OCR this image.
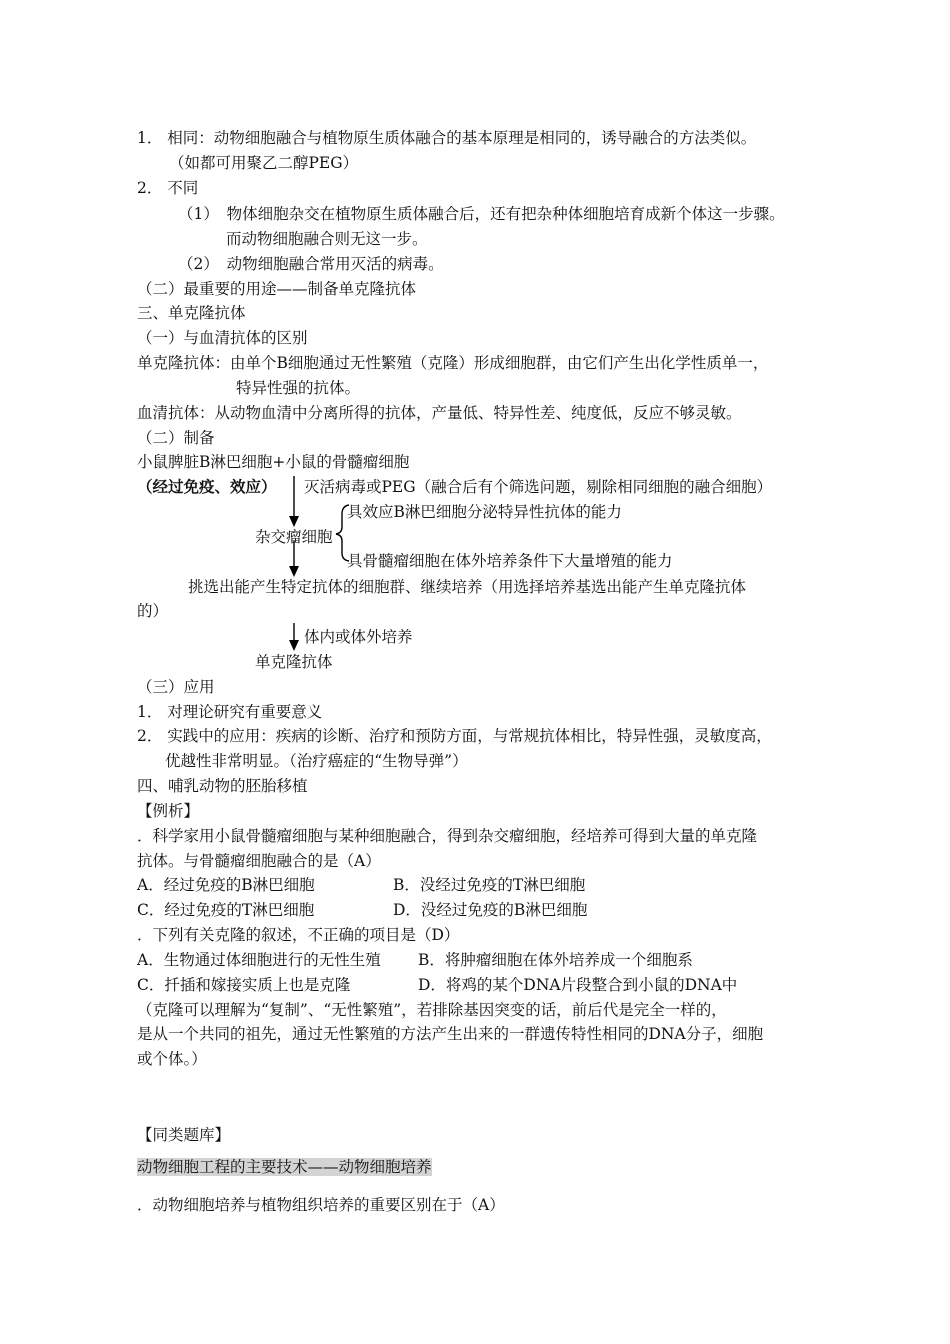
1． 相同：动物细胞融合与植物原生质体融合的基本原理是相同的，诱导融合的方法类似。
（如都可用聚乙二醇PEG）
2． 不同
（1）　物体细胞杂交在植物原生质体融合后，还有把杂种体细胞培育成新个体这一步骤。
而动物细胞融合则无这一步。
（2）　动物细胞融合常用灭活的病毒。
（二）最重要的用途——制备单克隆抗体
三、单克隆抗体
（一）与血清抗体的区别
单克隆抗体：由单个B细胞通过无性繁殖（克隆）形成细胞群，由它们产生出化学性质单一，
特异性强的抗体。
血清抗体：从动物血清中分离所得的抗体，产量低、特异性差、纯度低，反应不够灵敏。
（二）制备
小鼠脾脏B淋巴细胞+小鼠的骨髓瘤细胞
（经过免疫、效应） 灭活病毒或PEG（融合后有个筛选问题，剔除相同细胞的融合细胞）
具效应B淋巴细胞分泌特异性抗体的能力
杂交瘤细胞
具骨髓瘤细胞在体外培养条件下大量增殖的能力
挑选出能产生特定抗体的细胞群、继续培养（用选择培养基选出能产生单克隆抗体
的）
体内或体外培养
单克隆抗体
（三）应用
1． 对理论研究有重要意义
2． 实践中的应用：疾病的诊断、治疗和预防方面，与常规抗体相比，特异性强，灵敏度高，
优越性非常明显。（治疗癌症的“生物导弹”）
四、哺乳动物的胚胎移植
【例析】
．科学家用小鼠骨髓瘤细胞与某种细胞融合，得到杂交瘤细胞，经培养可得到大量的单克隆
抗体。与骨髓瘤细胞融合的是（A）
A．经过免疫的B淋巴细胞	B．没经过免疫的T淋巴细胞
C．经过免疫的T淋巴细胞	D．没经过免疫的B淋巴细胞
．下列有关克隆的叙述，不正确的项目是（D）
A．生物通过体细胞进行的无性生殖 B．将肿瘤细胞在体外培养成一个细胞系
C．扦插和嫁接实质上也是克隆	D．将鸡的某个DNA片段整合到小鼠的DNA中
（克隆可以理解为“复制”、“无性繁殖”，若排除基因突变的话，前后代是完全一样的，
是从一个共同的祖先，通过无性繁殖的方法产生出来的一群遗传特性相同的DNA分子，细胞
或个体。）
【同类题库】
动物细胞工程的主要技术——动物细胞培养
．动物细胞培养与植物组织培养的重要区别在于（A）
